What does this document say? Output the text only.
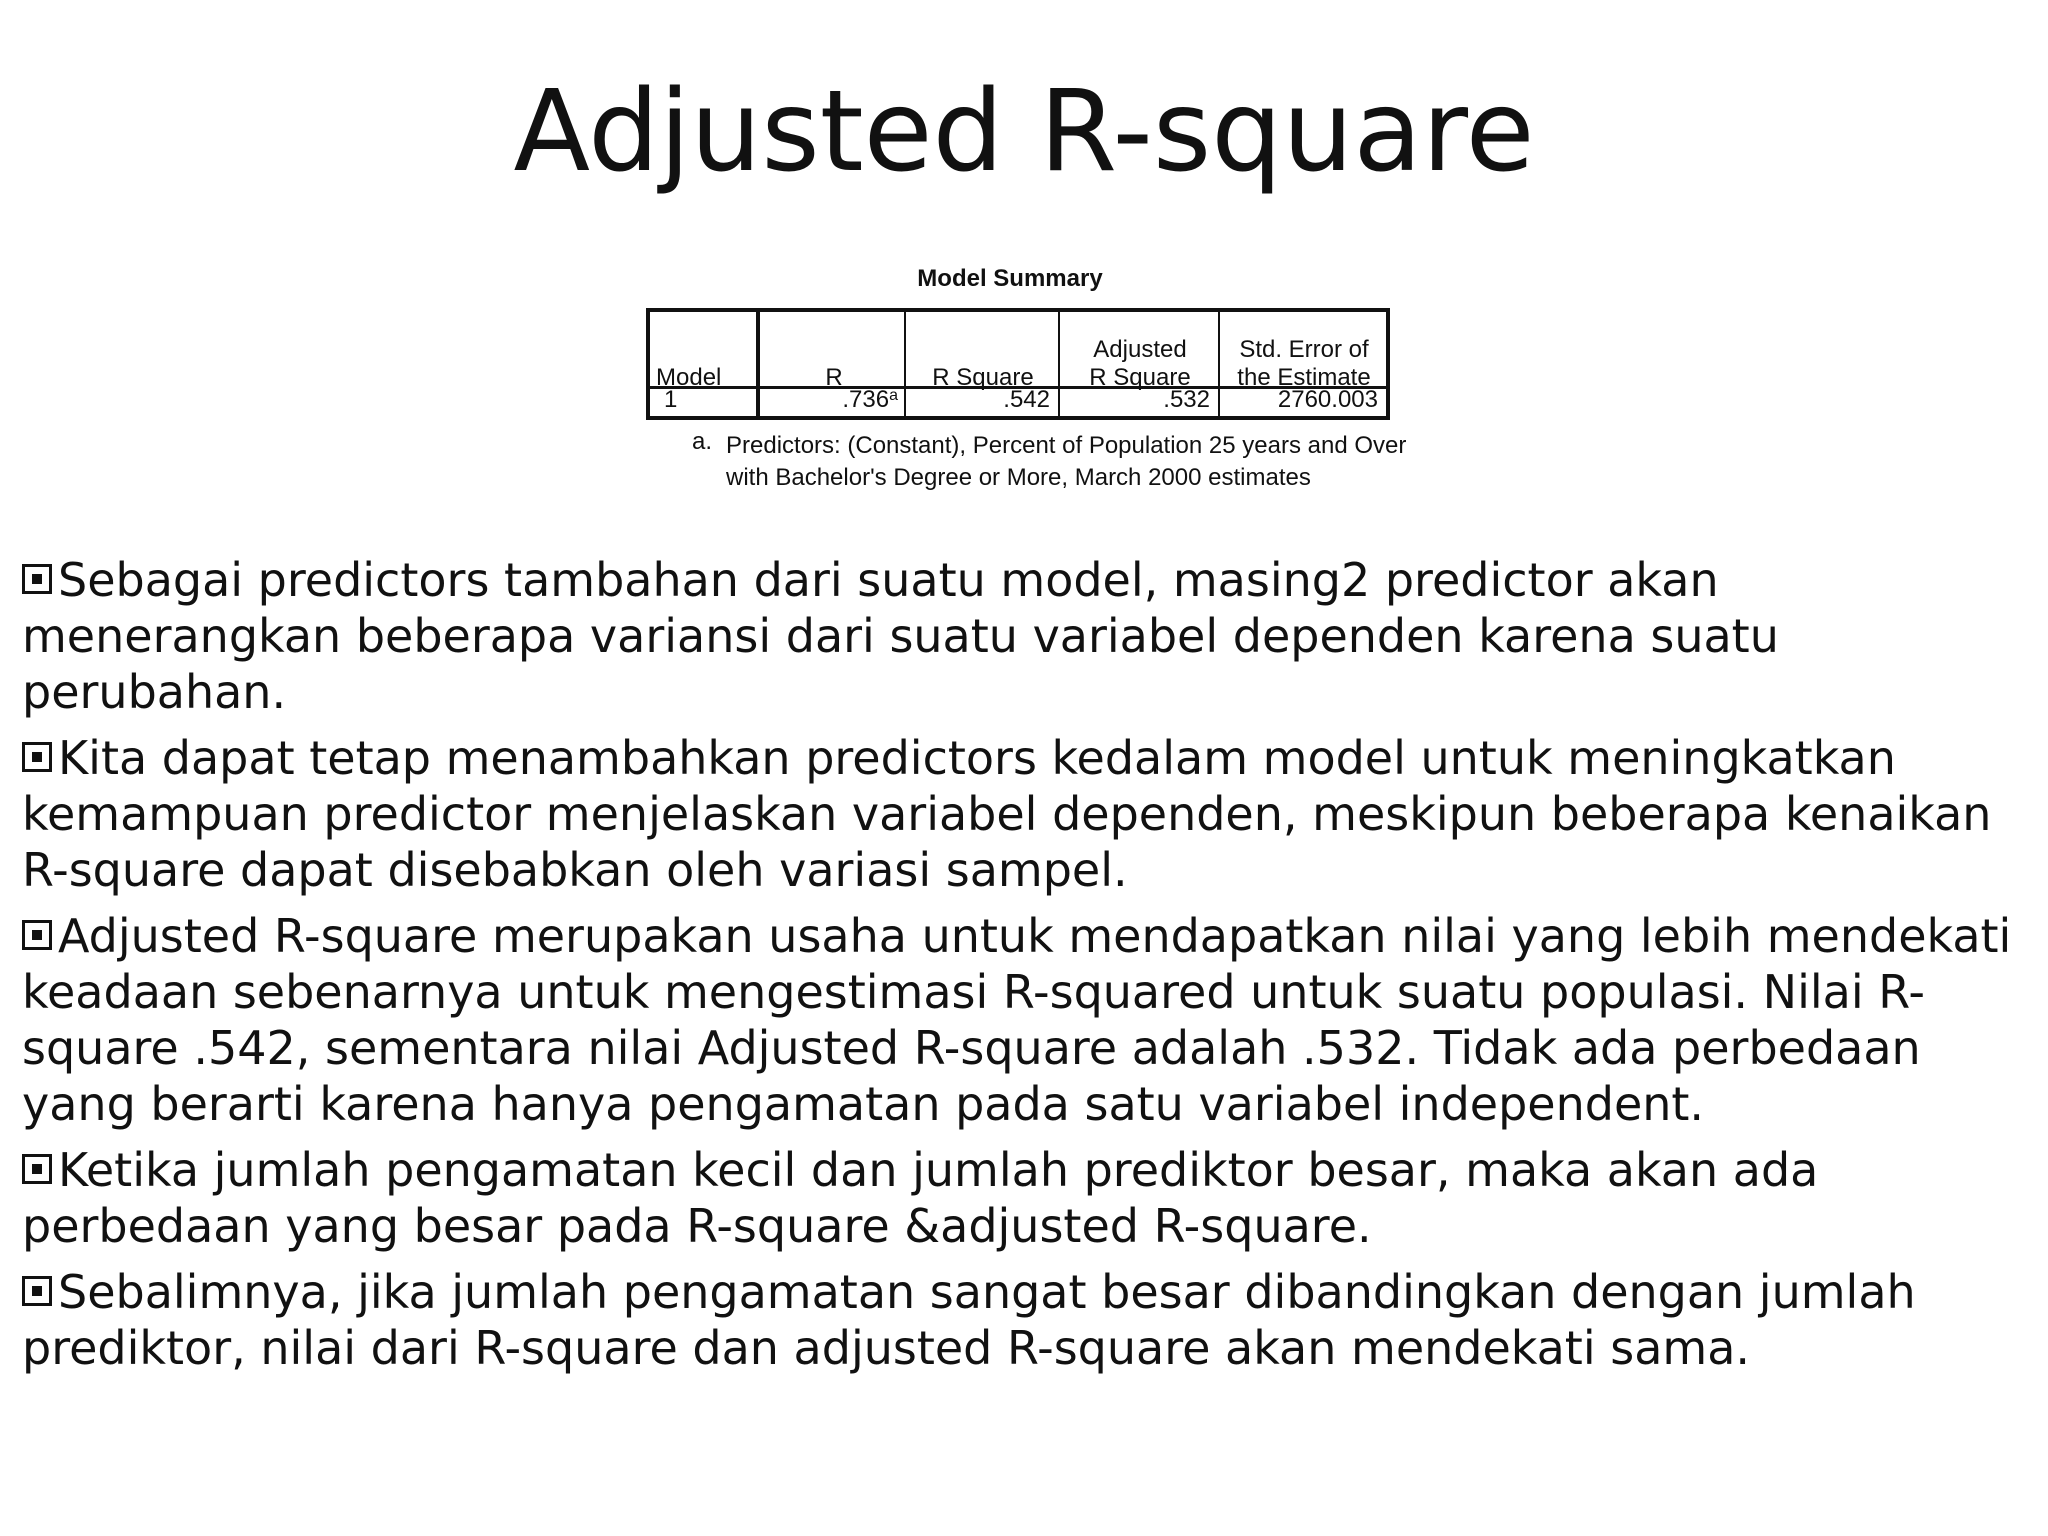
Adjusted R-square
Model Summary
Model
1
R
.736$^a$
R Square
.542
Adjusted
R Square
.532
Std. Error of
the Estimate
2760.003
a. Predictors: (Constant), Percent of Population 25 years and Over with Bachelor's Degree or More, March 2000 estimates
Sebagai predictors tambahan dari suatu model, masing2 predictor akan menerangkan beberapa variansi dari suatu variabel dependen karena suatu perubahan.
Kita dapat tetap menambahkan predictors kedalam model untuk meningkatkan kemampuan predictor menjelaskan variabel dependen, meskipun beberapa kenaikan R-square dapat disebabkan oleh variasi sampel.
Adjusted R-square merupakan usaha untuk mendapatkan nilai yang lebih mendekati keadaan sebenarnya untuk mengestimasi R-squared untuk suatu populasi. Nilai R-square .542, sementara nilai Adjusted R-square adalah .532. Tidak ada perbedaan yang berarti karena hanya pengamatan pada satu variabel independent.
Ketika jumlah pengamatan kecil dan jumlah prediktor besar, maka akan ada perbedaan yang besar pada R-square &adjusted R-square.
Sebalimnya, jika jumlah pengamatan sangat besar dibandingkan dengan jumlah prediktor, nilai dari R-square dan adjusted R-square akan mendekati sama.
